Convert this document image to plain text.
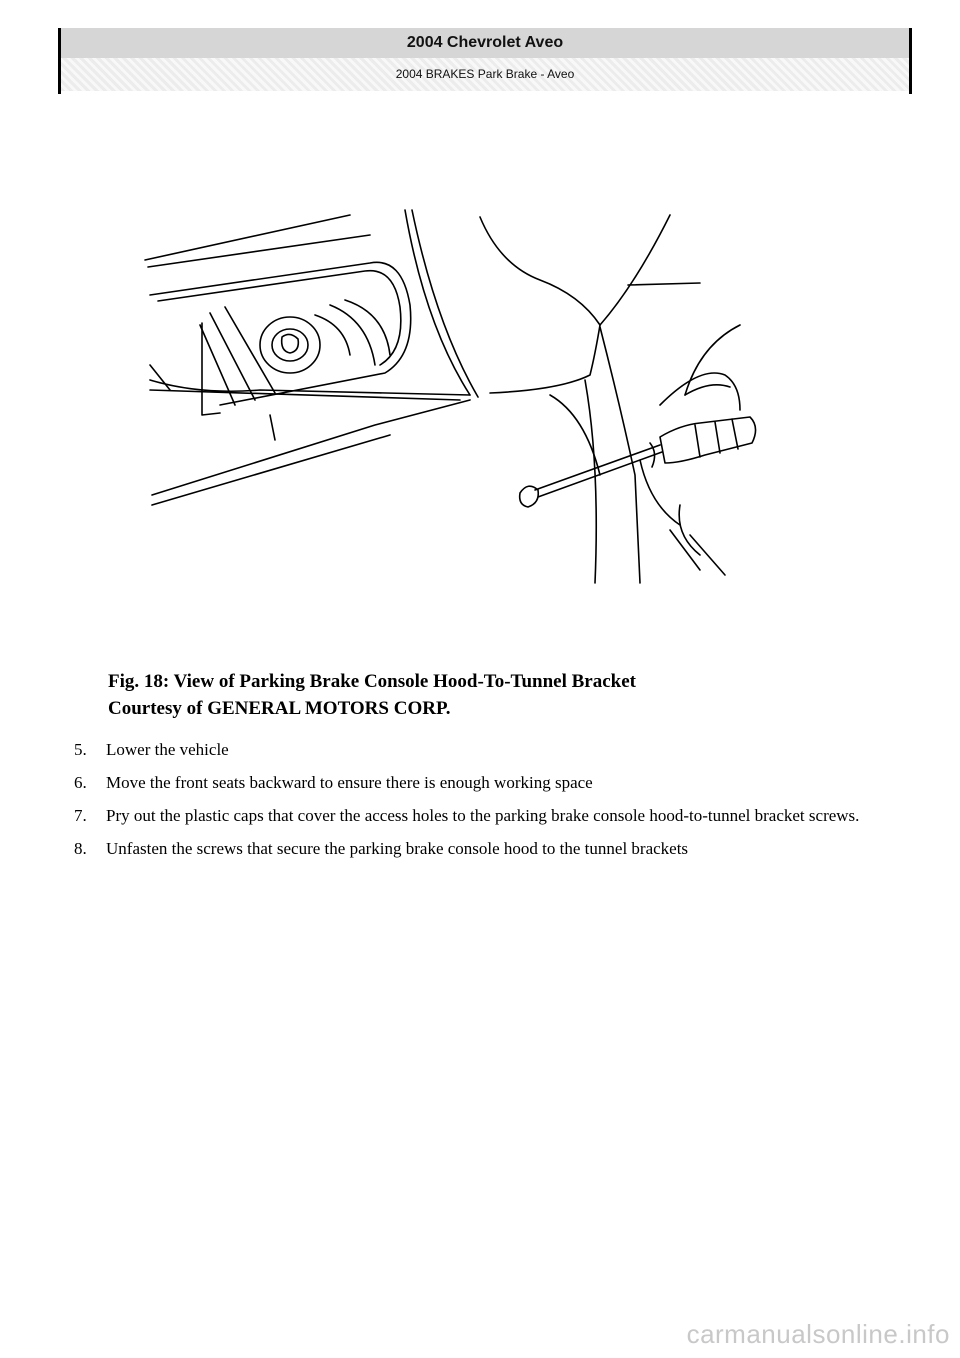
2004 Chevrolet Aveo
2004 BRAKES Park Brake - Aveo
Fig. 18: View of Parking Brake Console Hood-To-Tunnel Bracket
Courtesy of GENERAL MOTORS CORP.
5. Lower the vehicle
6. Move the front seats backward to ensure there is enough working space
7. Pry out the plastic caps that cover the access holes to the parking brake console hood-to-tunnel bracket screws.
8. Unfasten the screws that secure the parking brake console hood to the tunnel brackets
carmanualsonline.info
